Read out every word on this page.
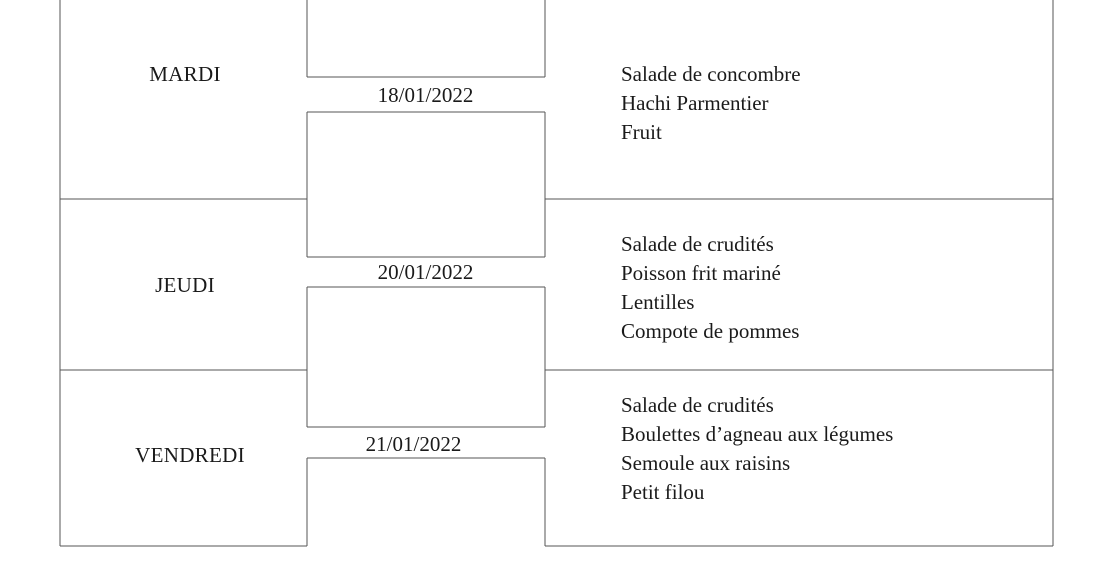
MARDI
18/01/2022
Salade de concombre
Hachi Parmentier
Fruit
JEUDI
20/01/2022
Salade de crudités
Poisson frit mariné
Lentilles
Compote de pommes
VENDREDI	21/01/2022
Salade de crudités
Boulettes d’agneau aux légumes
Semoule aux raisins
Petit filou
